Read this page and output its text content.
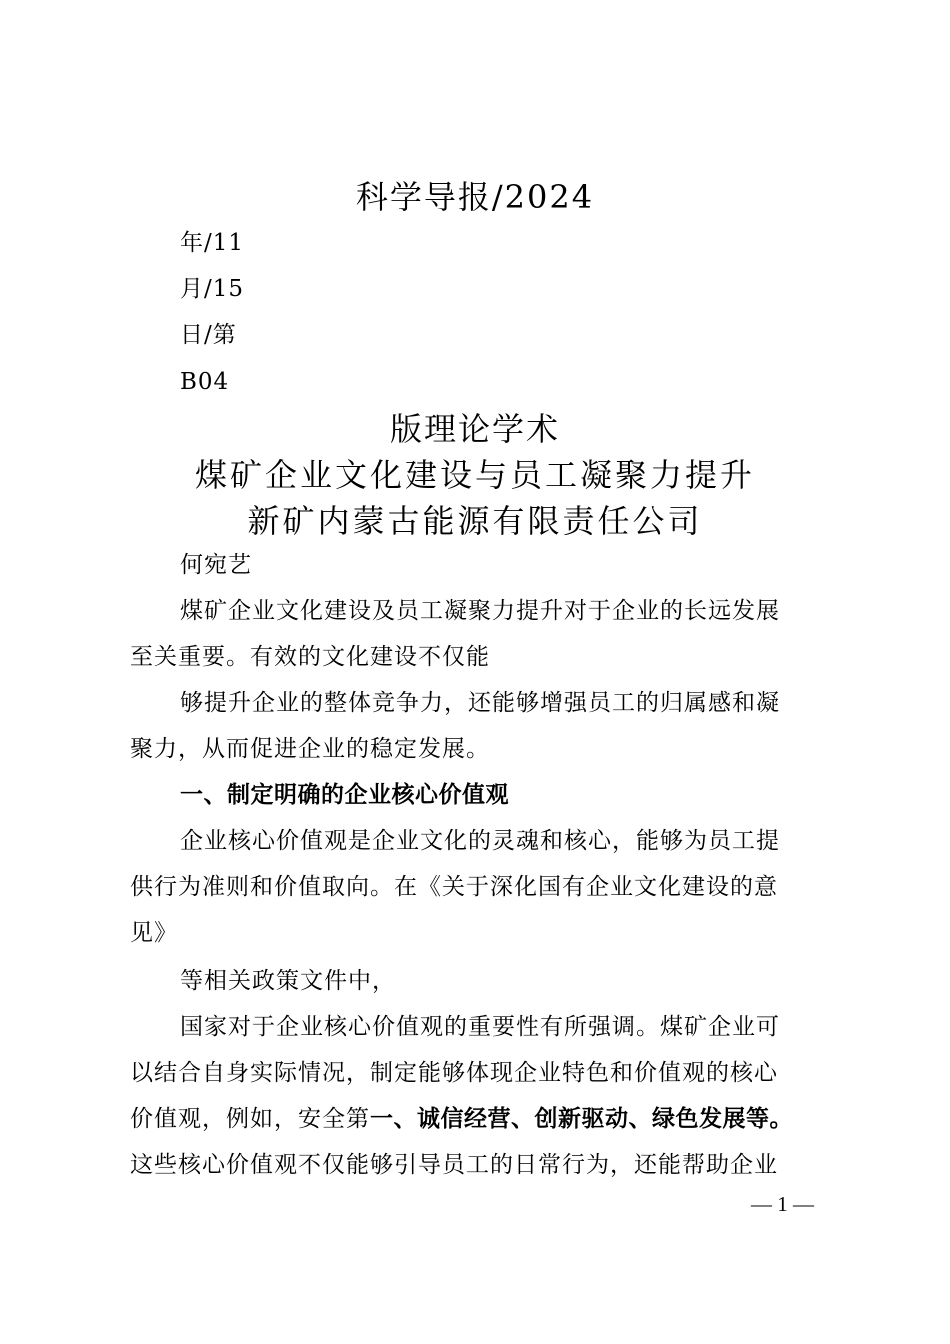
科学导报/2024
年/11
月/15
日/第
B04
版理论学术
煤矿企业文化建设与员工凝聚力提升
新矿内蒙古能源有限责任公司
何宛艺
煤矿企业文化建设及员工凝聚力提升对于企业的长远发展
至关重要。有效的文化建设不仅能
够提升企业的整体竞争力，还能够增强员工的归属感和凝
聚力，从而促进企业的稳定发展。
一、制定明确的企业核心价值观
企业核心价值观是企业文化的灵魂和核心，能够为员工提
供行为准则和价值取向。在《关于深化国有企业文化建设的意
见》
等相关政策文件中，
国家对于企业核心价值观的重要性有所强调。煤矿企业可
以结合自身实际情况，制定能够体现企业特色和价值观的核心
价值观，例如，安全第一、诚信经营、创新驱动、绿色发展等。
这些核心价值观不仅能够引导员工的日常行为，还能帮助企业
— 1 —
